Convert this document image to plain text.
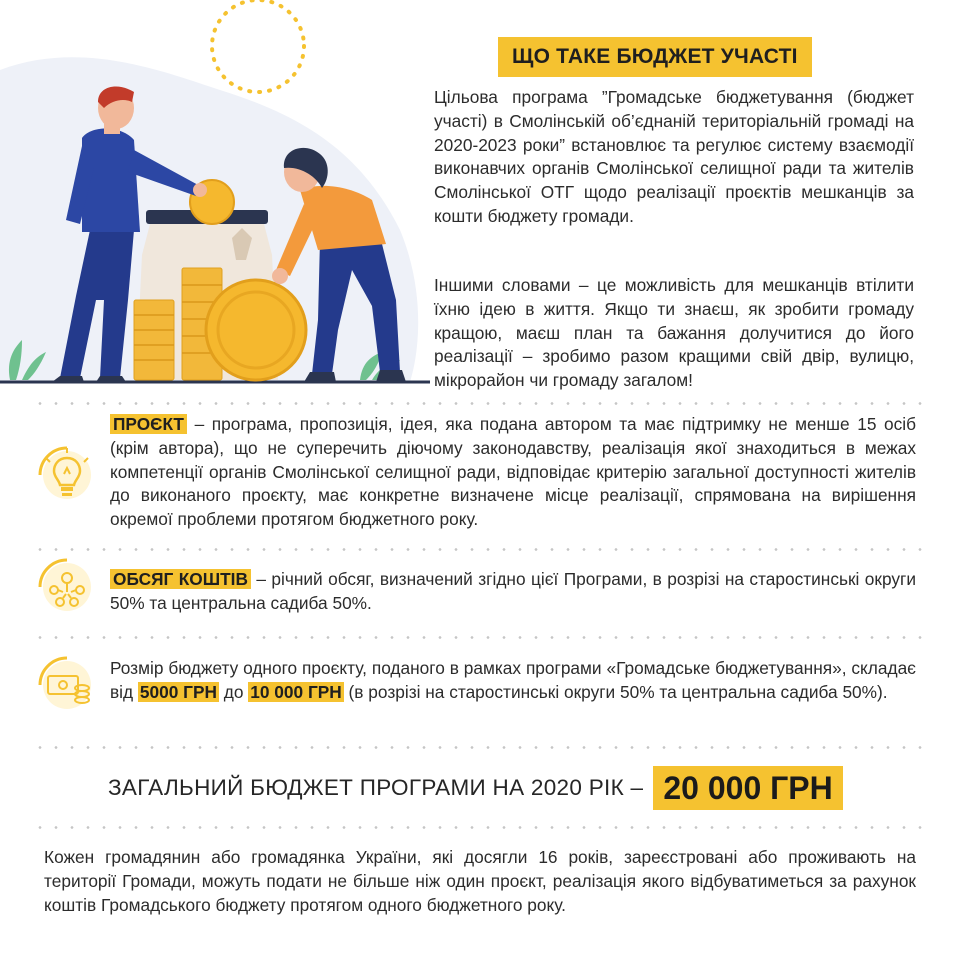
ЩО ТАКЕ БЮДЖЕТ УЧАСТІ

Цільова програма ”Громадське бюджетування (бюджет участі) в Смолінській об’єднаній територіальній громаді на 2020-2023 роки” встановлює та регулює систему взаємодії виконавчих органів Смолінської селищної ради та жителів Смолінської ОТГ щодо реалізації проєктів мешканців за кошти бюджету громади.

Іншими словами – це можливість для мешканців втілити їхню ідею в життя. Якщо ти знаєш, як зробити громаду кращою, маєш план та бажання долучитися до його реалізації – зробимо разом кращими свій двір, вулицю, мікрорайон чи громаду загалом!

ПРОЄКТ – програма, пропозиція, ідея, яка подана автором та має підтримку не менше 15 осіб (крім автора), що не суперечить діючому законодавству, реалізація якої знаходиться в межах компетенції органів Смолінської селищної ради, відповідає критерію загальної доступності жителів до виконаного проєкту, має конкретне визначене місце реалізації, спрямована на вирішення окремої проблеми протягом бюджетного року.

ОБСЯГ КОШТІВ – річний обсяг, визначений згідно цієї Програми, в розрізі на старостинські округи 50% та центральна садиба 50%.

Розмір бюджету одного проєкту, поданого в рамках програми «Громадське бюджетування», складає від 5000 ГРН до 10 000 ГРН (в розрізі на старостинські округи 50% та центральна садиба 50%).

ЗАГАЛЬНИЙ БЮДЖЕТ ПРОГРАМИ НА 2020 РІК – 20 000 ГРН

Кожен громадянин або громадянка України, які досягли 16 років, зареєстровані або проживають на території Громади, можуть подати не більше ніж один проєкт, реалізація якого відбуватиметься за рахунок коштів Громадського бюджету протягом одного бюджетного року.
